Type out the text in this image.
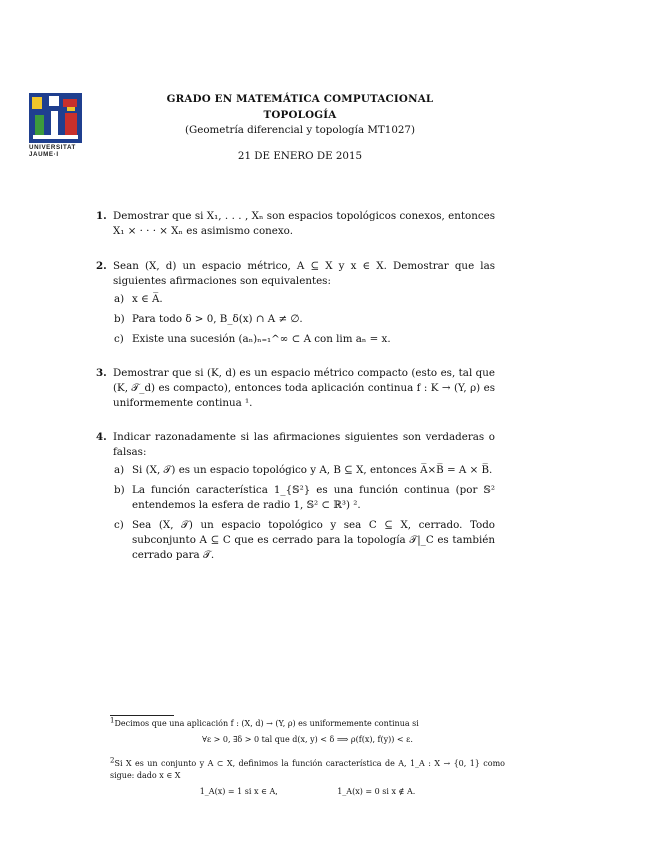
UNIVERSITAT
JAUME·I
GRADO EN MATEMÁTICA COMPUTACIONAL
TOPOLOGÍA
(Geometría diferencial y topología MT1027)
21 DE ENERO DE 2015
1. Demostrar que si X₁, . . . , Xₙ son espacios topológicos conexos, entonces X₁ × · · · × Xₙ es asimismo conexo.
2. Sean (X, d) un espacio métrico, A ⊆ X y x ∈ X. Demostrar que las siguientes afirmaciones son equivalentes:
a) x ∈ A̅.
b) Para todo δ > 0, B_δ(x) ∩ A ≠ ∅.
c) Existe una sucesión (aₙ)ₙ₌₁^∞ ⊂ A con lim aₙ = x.
3. Demostrar que si (K, d) es un espacio métrico compacto (esto es, tal que (K, 𝒯_d) es compacto), entonces toda aplicación continua f : K → (Y, ρ) es uniformemente continua ¹.
4. Indicar razonadamente si las afirmaciones siguientes son verdaderas o falsas:
a) Si (X, 𝒯) es un espacio topológico y A, B ⊆ X, entonces A̅×B̅ = A × B̅.
b) La función característica 1_{𝕊²} es una función continua (por 𝕊² entendemos la esfera de radio 1, 𝕊² ⊂ ℝ³) ².
c) Sea (X, 𝒯) un espacio topológico y sea C ⊆ X, cerrado. Todo subconjunto A ⊆ C que es cerrado para la topología 𝒯|_C es también cerrado para 𝒯.
$^1$Decimos que una aplicación f : (X, d) → (Y, ρ) es uniformemente continua si
∀ε > 0, ∃δ > 0 tal que d(x, y) < δ ⟹ ρ(f(x), f(y)) < ε.
$^2$Si X es un conjunto y A ⊂ X, definimos la función característica de A, 1_A : X → {0, 1} como sigue: dado x ∈ X
1_A(x) = 1 si x ∈ A,	1_A(x) = 0 si x ∉ A.
